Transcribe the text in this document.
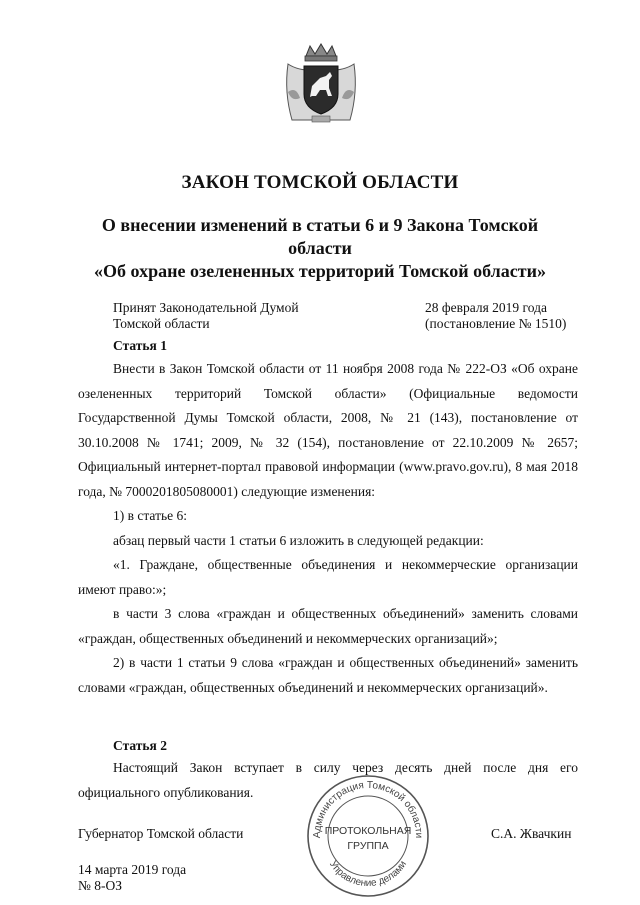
ЗАКОН ТОМСКОЙ ОБЛАСТИ
О внесении изменений в статьи 6 и 9 Закона Томской
области
«Об охране озелененных территорий Томской области»
Принят Законодательной Думой
Томской области
28 февраля 2019 года
(постановление № 1510)
Статья 1

Внести в Закон Томской области от 11 ноября 2008 года № 222-ОЗ «Об охране озелененных территорий Томской области» (Официальные ведомости Государственной Думы Томской области, 2008, № 21 (143), постановление от 30.10.2008 № 1741; 2009, № 32 (154), постановление от 22.10.2009 № 2657; Официальный интернет-портал правовой информации (www.pravo.gov.ru), 8 мая 2018 года, № 7000201805080001) следующие изменения:

1) в статье 6:

абзац первый части 1 статьи 6 изложить в следующей редакции:

«1. Граждане, общественные объединения и некоммерческие организации имеют право:»;

в части 3 слова «граждан и общественных объединений» заменить словами «граждан, общественных объединений и некоммерческих организаций»;

2) в части 1 статьи 9 слова «граждан и общественных объединений» заменить словами «граждан, общественных объединений и некоммерческих организаций».

Статья 2

Настоящий Закон вступает в силу через десять дней после дня его официального опубликования.

Администрация Томской области
Управление делами
ПРОТОКОЛЬНАЯ
ГРУППА
Губернатор Томской области	С.А. Жвачкин
14 марта 2019 года
№ 8-ОЗ
